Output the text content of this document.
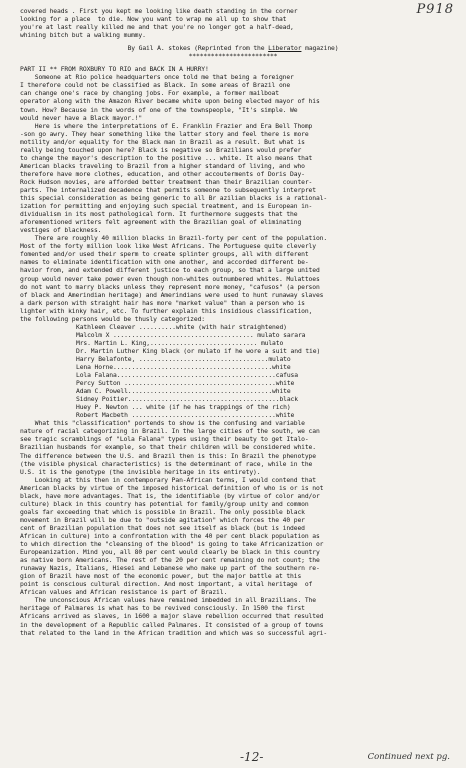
P918
covered heads . First you kept me looking like death standing in the corner
looking for a place  to die. Now you want to wrap me all up to show that
you're at last really killed me and that you're no longer got a half-dead,
whining bitch but a walking mummy.
By Gail A. stokes (Reprinted from the Liberator magazine)
************************
PART II ** FROM ROXBURY TO RIO and BACK IN A HURRY!
Someone at Rio police headquarters once told me that being a foreigner
I therefore could not be classified as Black. In some areas of Brazil one
can change one's race by changing jobs. For example, a former mailboat
operator along with the Amazon River became white upon being elected mayor of his
town. How? Because in the words of one of the townspeople, "It's simple. We
would never have a Black mayor.!"
Here is where the interpretations of E. Franklin Frazier and Era Bell Thomp
-son go awry. They hear something like the latter story and feel there is more
motility and/or equality for the Black man in Brazil as a result. But what is
really being touched upon here? Black is negative so Brazilians would prefer
to change the mayor's description to the positive ... white. It also means that
American blacks traveling to Brazil from a higher standard of living, and who
therefore have more clothes, education, and other accouterments of Doris Day-
Rock Hudson movies, are afforded better treatment than their Brazilian counter-
parts. The internalized decadence that permits someone to subsequently interpret
this special consideration as being generic to all Br azilian blacks is a rational-
ization for permitting and enjoying such special treatment, and is European in-
dividualism in its most pathological form. It furthermore suggests that the
aforementioned writers felt agreement with the Brazilian goal of eliminating
vestiges of blackness.
There are roughly 40 million blacks in Brazil-forty per cent of the population.
Most of the forty million look like West Africans. The Portuguese quite cleverly
fomented and/or used their sperm to create splinter groups, all with different
names to eliminate identification with one another, and accorded different be-
havior from, and extended different justice to each group, so that a large united
group would never take power even though non-whites outnumbered whites. Mulattoes
do not want to marry blacks unless they represent more money, "cafusos" (a person
of black and Amerindian heritage) and Amerindians were used to hunt runaway slaves
a dark person with straight hair has more "market value" than a person who is
lighter with kinky hair, etc. To further explain this insidious classification,
the following persons would be thusly categorized:
Kathleen Cleaver ..........white (with hair straightened)
Malcolm X ...................................... mulato sarara
Mrs. Martin L. King,............................. mulato
Dr. Martin Luther King black (or mulato if he wore a suit and tie)
Harry Belafonte, ...................................mulato
Lena Horne...........................................white
Lola Falana...........................................cafusa
Percy Sutton .........................................white
Adam C. Powell.......................................white
Sidney Poitier.........................................black
Huey P. Newton ... white (if he has trappings of the rich)
Robert Macbeth .......................................white
What this "classification" portends to show is the confusing and variable
nature of racial categorizing in Brazil. In the large cities of the south, we can
see tragic scramblings of "Lola Falana" types using their beauty to get Italo-
Brazilian husbands for example, so that their children will be considered white.
The difference between the U.S. and Brazil then is this: In Brazil the phenotype
(the visible physical characteristics) is the determinant of race, while in the
U.S. it is the genotype (the invisible heritage in its entirety).
Looking at this then in contemporary Pan-African terms, I would contend that
American blacks by virtue of the imposed historical definition of who is or is not
black, have more advantages. That is, the identifiable (by virtue of color and/or
culture) black in this country has potential for family/group unity and common
goals far exceeding that which is possible in Brazil. The only possible black
movement in Brazil will be due to "outside agitation" which forces the 40 per
cent of Brazilian population that does not see itself as black (but is indeed
African in culture) into a confrontation with the 40 per cent black population as
to which direction the "cleansing of the blood" is going to take Africanization or
Europeanization. Mind you, all 80 per cent would clearly be black in this country
as native born Americans. The rest of the 20 per cent remaining do not count; the
runaway Nazis, Italians, Hiesei and Lebanese who make up part of the southern re-
gion of Brazil have most of the economic power, but the major battle at this
point is conscious cultural direction. And most important, a vital heritage  of
African values and African resistance is part of Brazil.
The unconscious African values have remained imbedded in all Brazilians. The
heritage of Palmares is what has to be revived consciously. In 1500 the first
Africans arrived as slaves, in 1600 a major slave rebellion occurred that resulted
in the development of a Republic called Palmares. It consisted of a group of towns
that related to the land in the African tradition and which was so successful agri-
-12-	Continued next pg.
